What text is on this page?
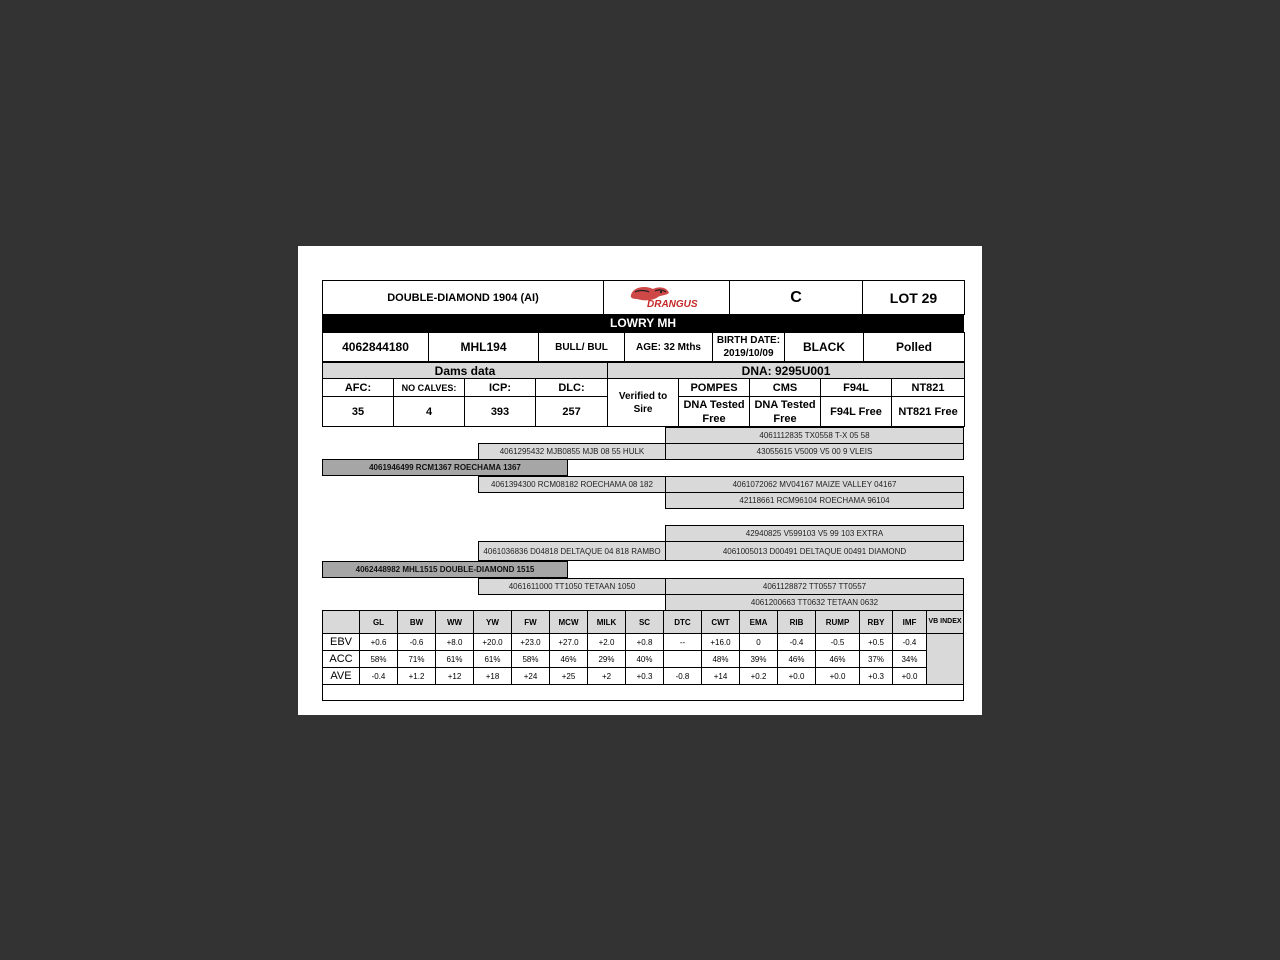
DOUBLE-DIAMOND 1904 (AI)	
DRANGUS	C	LOT 29
LOWRY MH
4062844180	MHL194	BULL/ BUL	AGE: 32 Mths	
BIRTH DATE:
2019/10/09	BLACK	Polled
Dams data				DNA: 9295U001				
AFC:	NO CALVES:	ICP:	DLC:	Verified to Sire	POMPES	CMS	F94L	NT821
35	4	393	257		DNA Tested Free	DNA Tested Free	F94L Free	NT821 Free
4061112835 TX0558 T-X 05 58
4061295432 MJB0855 MJB 08 55 HULK	43055615 V5009 V5 00 9 VLEIS
4061946499 RCM1367 ROECHAMA 1367
4061394300 RCM08182 ROECHAMA 08 182	4061072062 MV04167 MAIZE VALLEY 04167
42118661 RCM96104 ROECHAMA 96104
42940825 V599103 V5 99 103 EXTRA
4061036836 D04818 DELTAQUE 04 818 RAMBO	4061005013 D00491 DELTAQUE 00491 DIAMOND
4062448982 MHL1515 DOUBLE-DIAMOND 1515
4061611000 TT1050 TETAAN 1050	4061128872 TT0557 TT0557
4061200663 TT0632 TETAAN 0632
	GL	BW	WW	YW	FW	MCW	MILK	SC	DTC	CWT	EMA	RIB	RUMP	RBY	IMF	VB INDEX
EBV	+0.6	-0.6	+8.0	+20.0	+23.0	+27.0	+2.0	+0.8	--	+16.0	0	-0.4	-0.5	+0.5	-0.4	
ACC	58%	71%	61%	61%	58%	46%	29%	40%		48%	39%	46%	46%	37%	34%	
AVE	-0.4	+1.2	+12	+18	+24	+25	+2	+0.3	-0.8	+14	+0.2	+0.0	+0.0	+0.3	+0.0	
